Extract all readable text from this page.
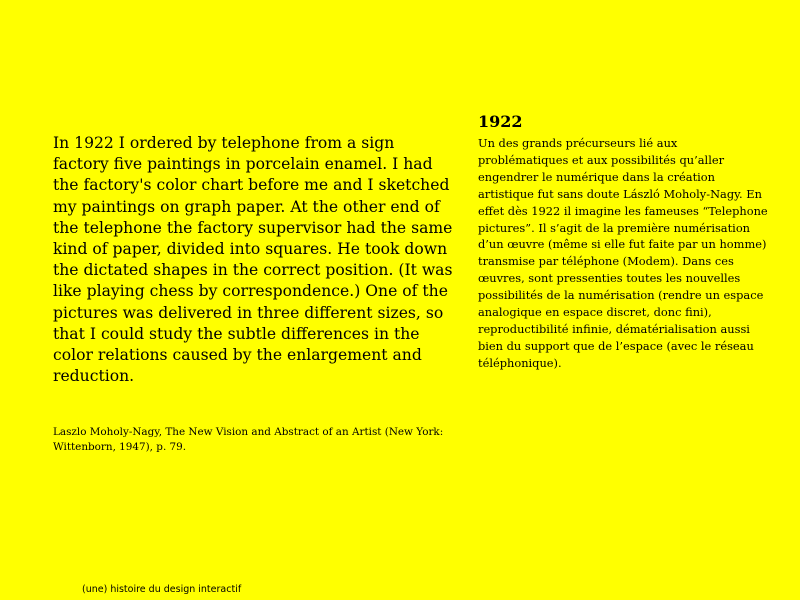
In 1922 I ordered by telephone from a sign factory five paintings in porcelain enamel. I had the factory's color chart before me and I sketched my paintings on graph paper. At the other end of the telephone the factory supervisor had the same kind of paper, divided into squares. He took down the dictated shapes in the correct position. (It was like playing chess by correspondence.) One of the pictures was delivered in three different sizes, so that I could study the subtle differences in the color relations caused by the enlargement and reduction.

Laszlo Moholy-Nagy, The New Vision and Abstract of an Artist (New York: Wittenborn, 1947), p. 79.

1922

Un des grands précurseurs lié aux problématiques et aux possibilités qu’aller engendrer le numérique dans la création artistique fut sans doute László Moholy-Nagy. En effet dès 1922 il imagine les fameuses “Telephone pictures”. Il s’agit de la première numérisation d’un œuvre (même si elle fut faite par un homme) transmise par téléphone (Modem). Dans ces œuvres, sont pressenties toutes les nouvelles possibilités de la numérisation (rendre un espace analogique en espace discret, donc fini), reproductibilité infinie, dématérialisation aussi bien du support que de l’espace (avec le réseau téléphonique).

(une) histoire du design interactif
